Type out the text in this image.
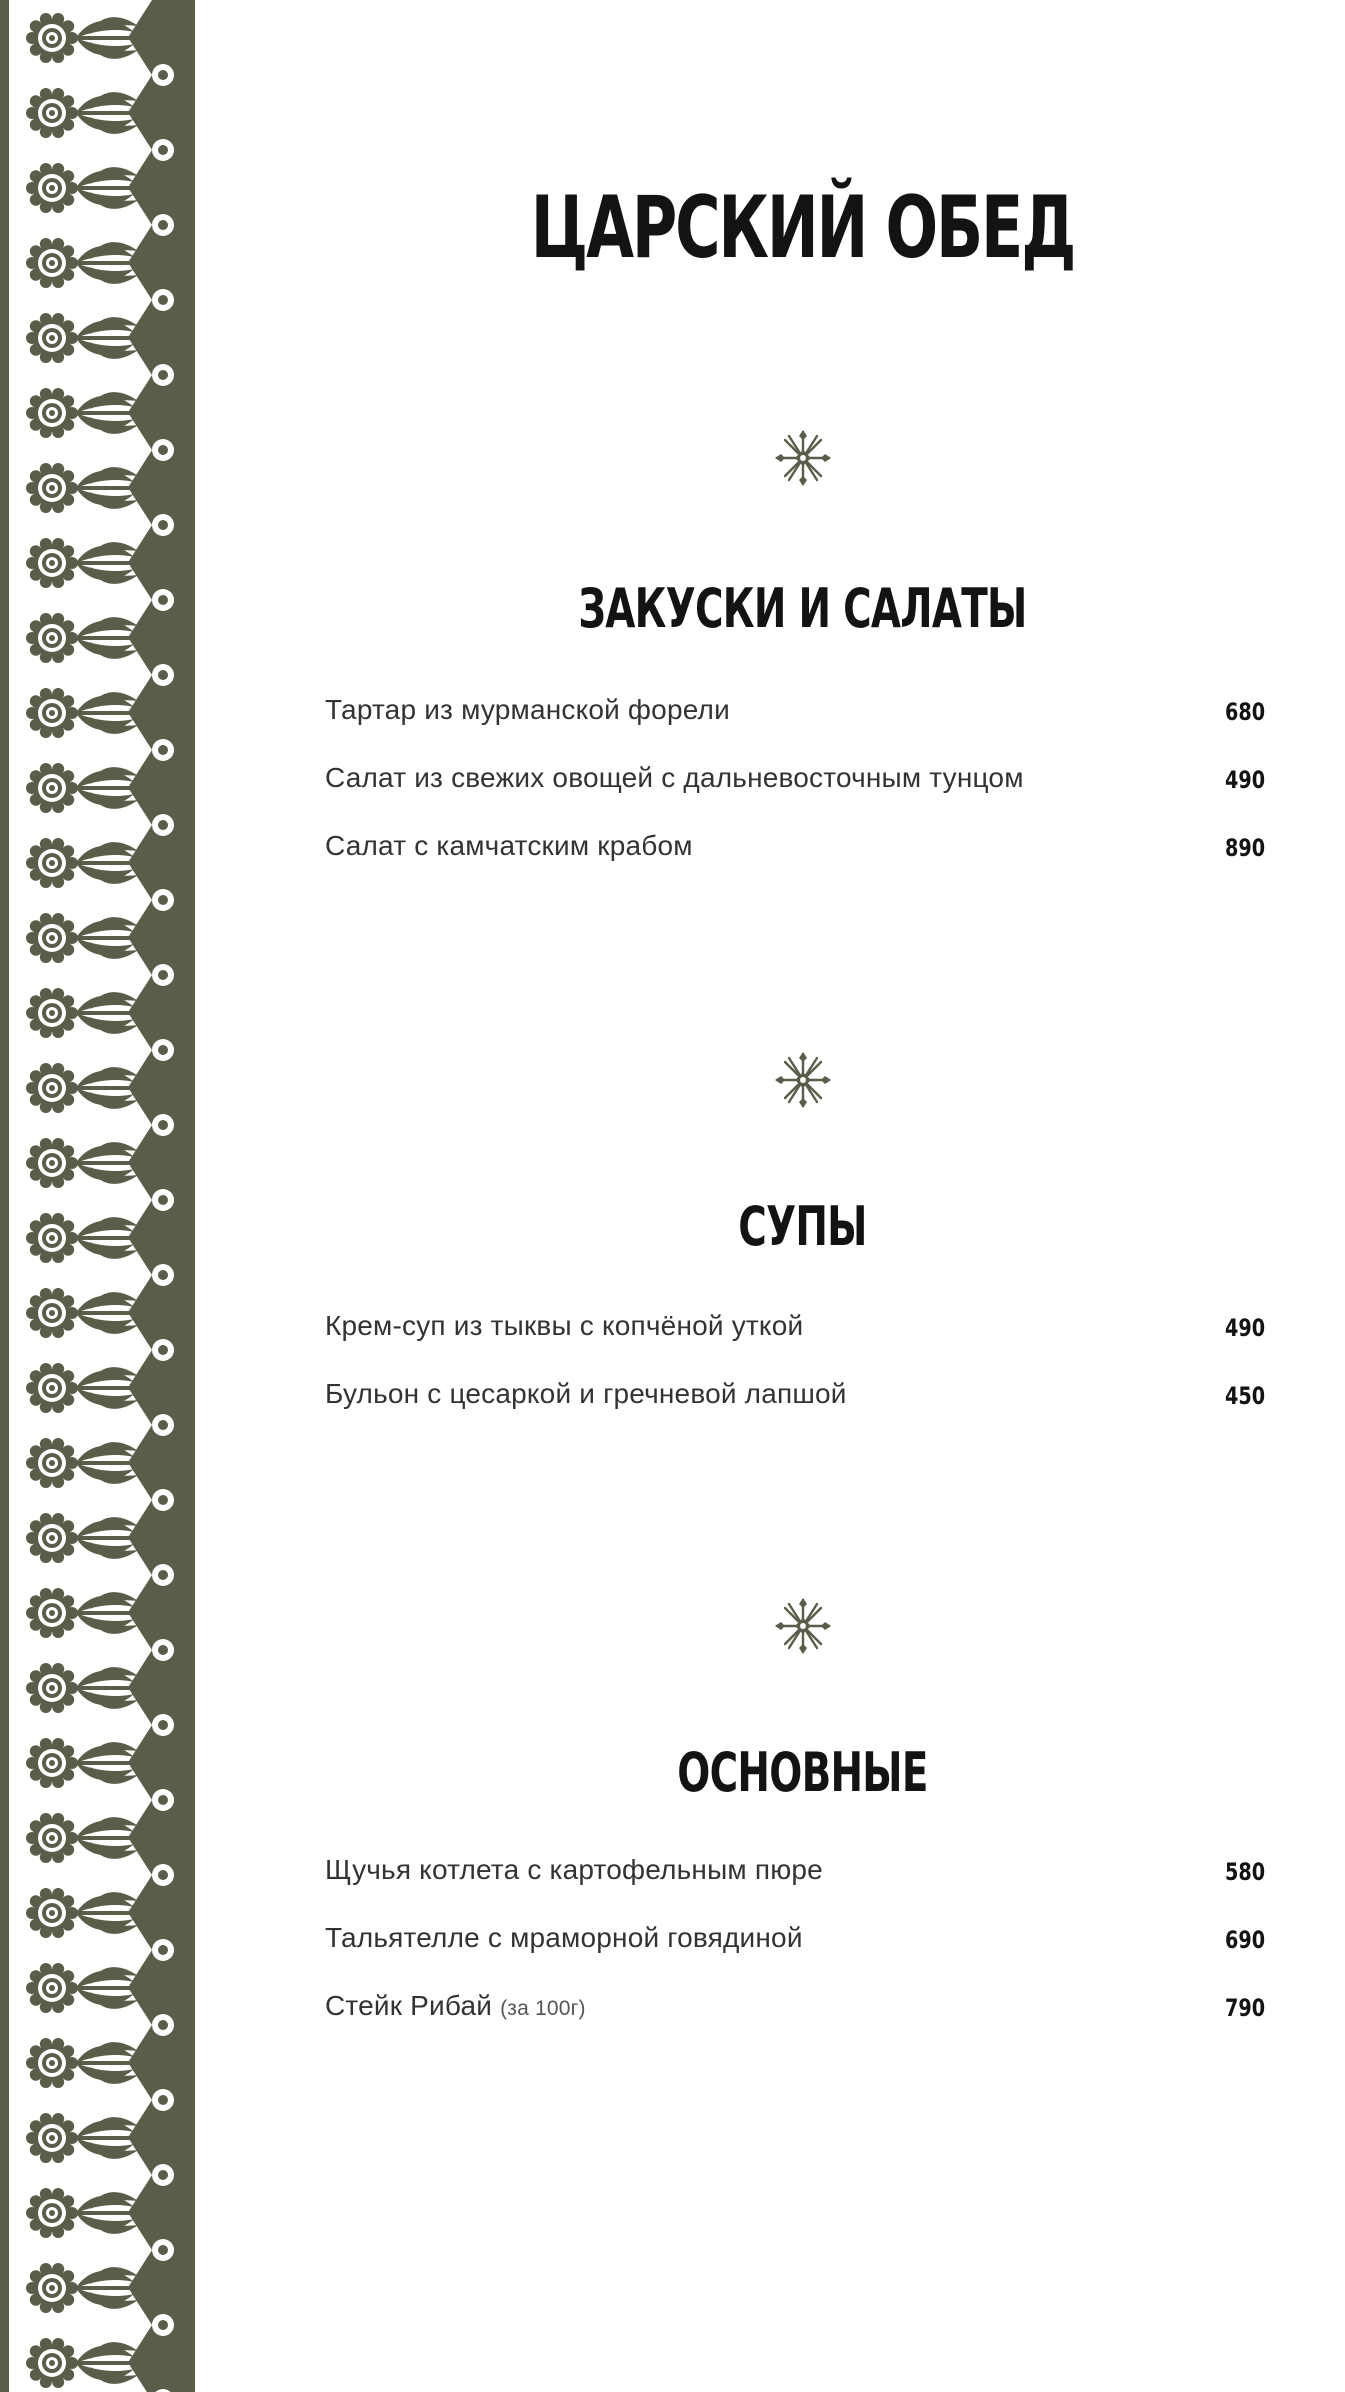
ЦАРСКИЙ ОБЕД
ЗАКУСКИ И САЛАТЫ
Тартар из мурманской форели	680
Салат из свежих овощей с дальневосточным тунцом	490
Салат с камчатским крабом	890
СУПЫ
Крем-суп из тыквы с копчёной уткой	490
Бульон с цесаркой и гречневой лапшой	450
ОСНОВНЫЕ
Щучья котлета с картофельным пюре	580
Тальятелле с мраморной говядиной	690
Стейк Рибай (за 100г)	790
